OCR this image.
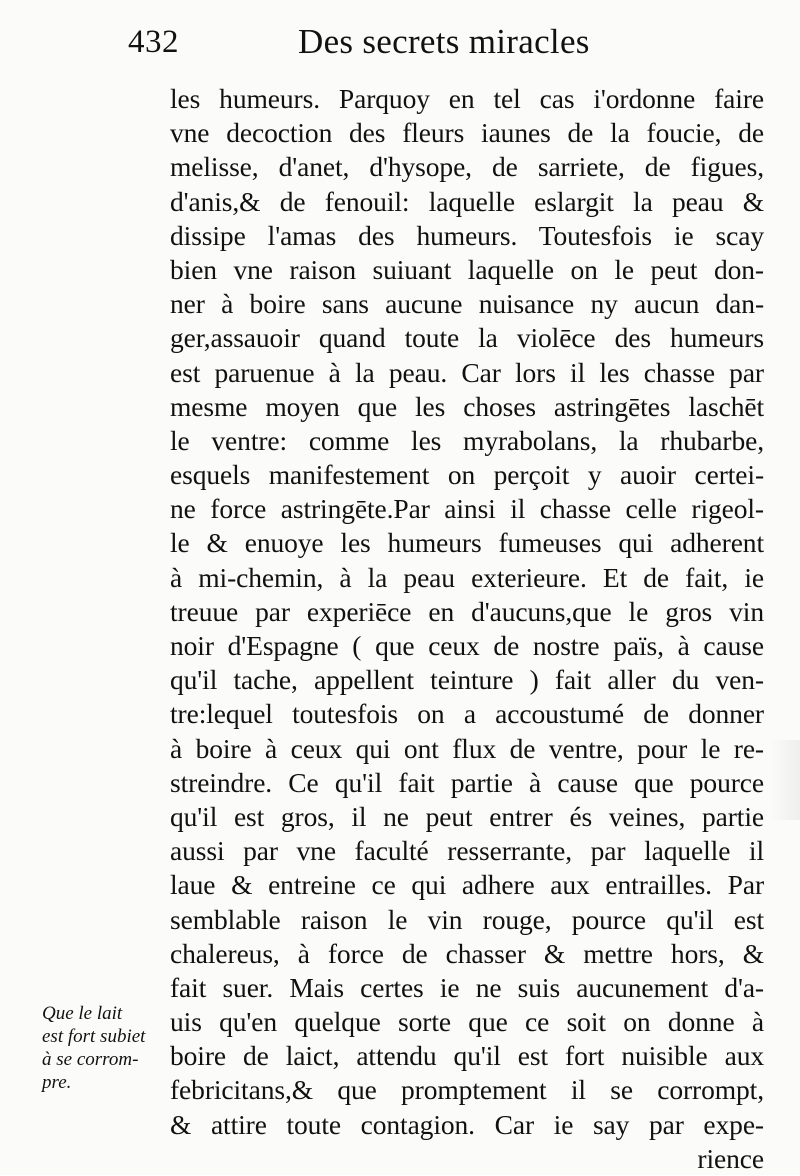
432	Des secrets miracles
les humeurs. Parquoy en tel cas i'ordonne faire
vne decoction des fleurs iaunes de la foucie, de
melisse, d'anet, d'hysope, de sarriete, de figues,
d'anis,& de fenouil: laquelle eslargit la peau &
dissipe l'amas des humeurs. Toutesfois ie scay
bien vne raison suiuant laquelle on le peut don-
ner à boire sans aucune nuisance ny aucun dan-
ger,assauoir quand toute la violēce des humeurs
est paruenue à la peau. Car lors il les chasse par
mesme moyen que les choses astringētes laschēt
le ventre: comme les myrabolans, la rhubarbe,
esquels manifestement on perçoit y auoir certei-
ne force astringēte.Par ainsi il chasse celle rigeol-
le & enuoye les humeurs fumeuses qui adherent
à mi-chemin, à la peau exterieure. Et de fait, ie
treuue par experiēce en d'aucuns,que le gros vin
noir d'Espagne ( que ceux de nostre païs, à cause
qu'il tache, appellent teinture ) fait aller du ven-
tre:lequel toutesfois on a accoustumé de donner
à boire à ceux qui ont flux de ventre, pour le re-
streindre. Ce qu'il fait partie à cause que pource
qu'il est gros, il ne peut entrer és veines, partie
aussi par vne faculté resserrante, par laquelle il
laue & entreine ce qui adhere aux entrailles. Par
semblable raison le vin rouge, pource qu'il est
chalereus, à force de chasser & mettre hors, &
fait suer. Mais certes ie ne suis aucunement d'a-
uis qu'en quelque sorte que ce soit on donne à
boire de laict, attendu qu'il est fort nuisible aux
febricitans,& que promptement il se corrompt,
& attire toute contagion. Car ie say par expe-
rience
Que le lait
est fort subiet
à se corrom-
pre.
